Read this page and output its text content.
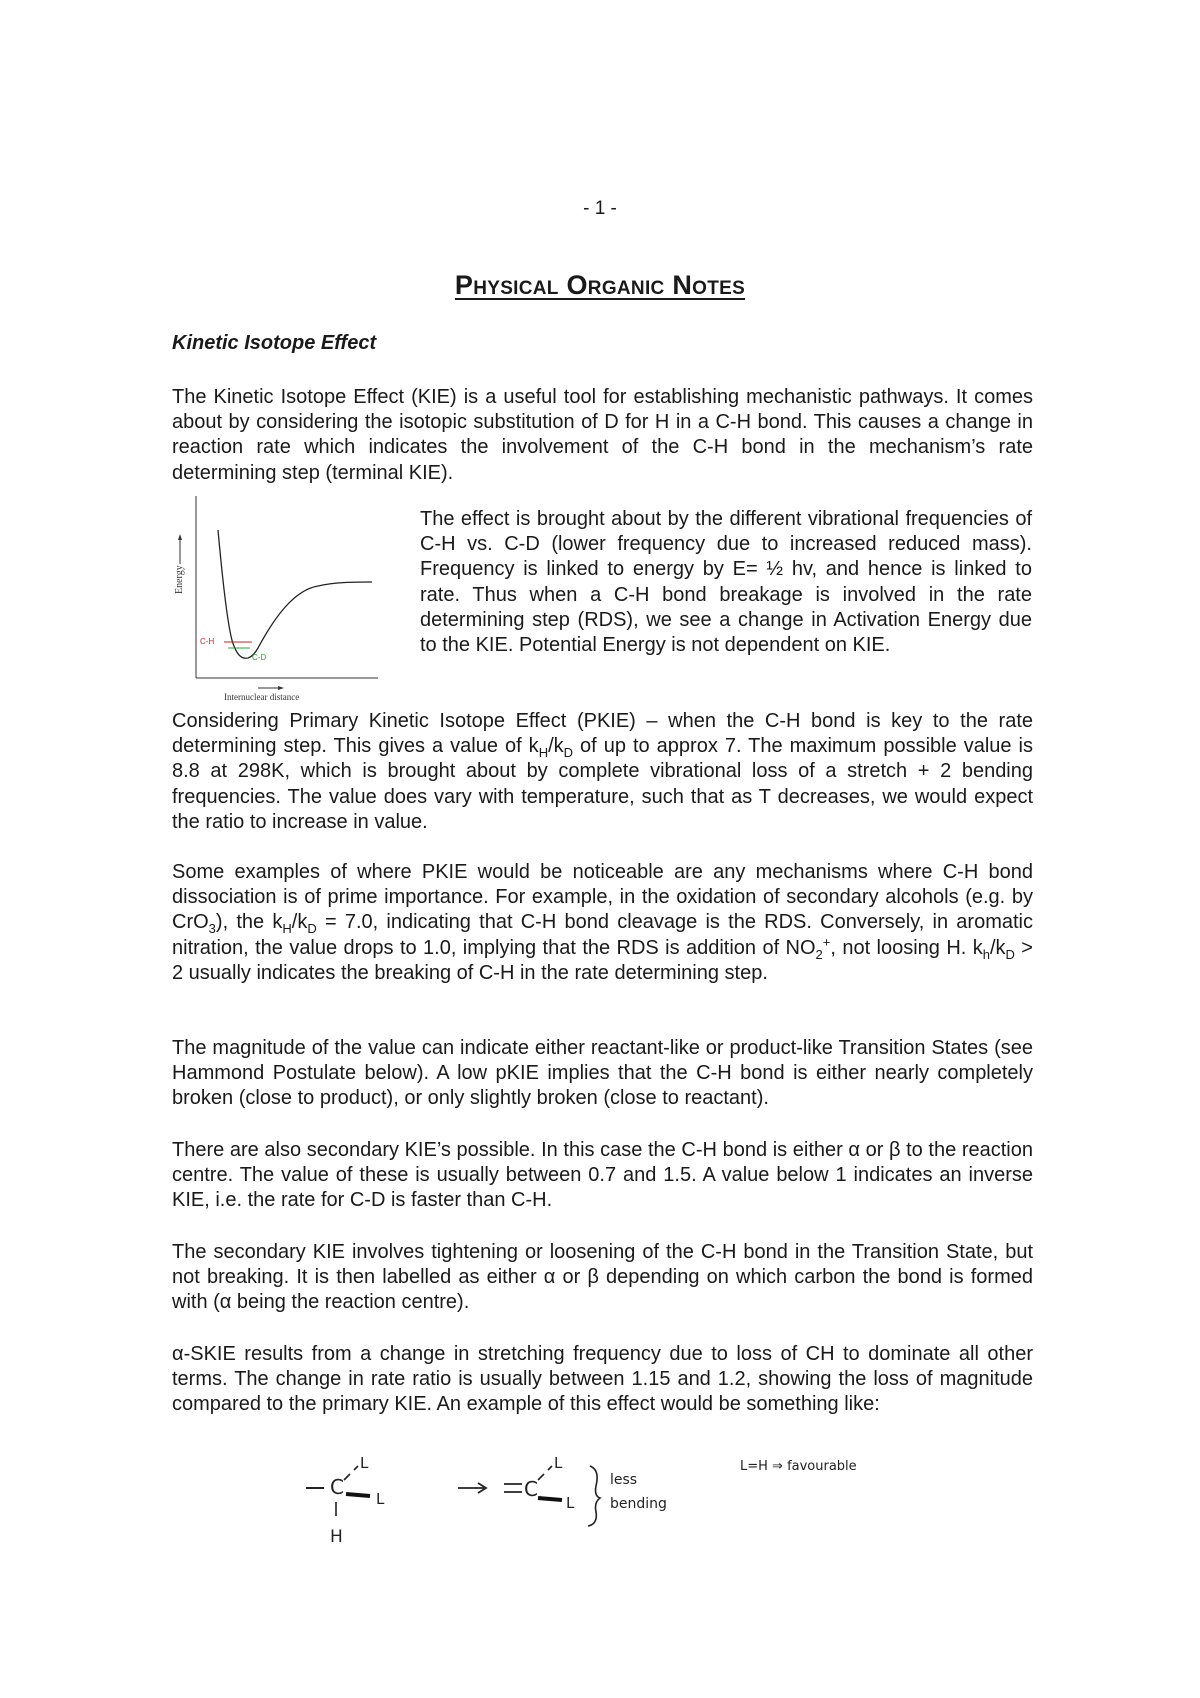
- 1 -
Physical Organic Notes
Kinetic Isotope Effect

The Kinetic Isotope Effect (KIE) is a useful tool for establishing mechanistic pathways. It comes about by considering the isotopic substitution of D for H in a C-H bond. This causes a change in reaction rate which indicates the involvement of the C-H bond in the mechanism’s rate determining step (terminal KIE).

Energy
C-H
C-D
Internuclear distance

The effect is brought about by the different vibrational frequencies of C-H vs. C-D (lower frequency due to increased reduced mass). Frequency is linked to energy by E= ½ hv, and hence is linked to rate. Thus when a C-H bond breakage is involved in the rate determining step (RDS), we see a change in Activation Energy due to the KIE. Potential Energy is not dependent on KIE.

Considering Primary Kinetic Isotope Effect (PKIE) – when the C-H bond is key to the rate determining step. This gives a value of $k_H/k_D$ of up to approx 7. The maximum possible value is 8.8 at 298K, which is brought about by complete vibrational loss of a stretch + 2 bending frequencies. The value does vary with temperature, such that as T decreases, we would expect the ratio to increase in value.

Some examples of where PKIE would be noticeable are any mechanisms where C-H bond dissociation is of prime importance. For example, in the oxidation of secondary alcohols (e.g. by CrO$_3$), the $k_H/k_D = 7.0$, indicating that C-H bond cleavage is the RDS. Conversely, in aromatic nitration, the value drops to 1.0, implying that the RDS is addition of $NO_2^+$, not loosing H. $k_h/k_D > 2$ usually indicates the breaking of C-H in the rate determining step.

The magnitude of the value can indicate either reactant-like or product-like Transition States (see Hammond Postulate below). A low pKIE implies that the C-H bond is either nearly completely broken (close to product), or only slightly broken (close to reactant).

There are also secondary KIE’s possible. In this case the C-H bond is either α or β to the reaction centre. The value of these is usually between 0.7 and 1.5. A value below 1 indicates an inverse KIE, i.e. the rate for C-D is faster than C-H.

The secondary KIE involves tightening or loosening of the C-H bond in the Transition State, but not breaking. It is then labelled as either α or β depending on which carbon the bond is formed with (α being the reaction centre).

α-SKIE results from a change in stretching frequency due to loss of CH to dominate all other terms. The change in rate ratio is usually between 1.15 and 1.2, showing the loss of magnitude compared to the primary KIE. An example of this effect would be something like:

C
L
L
H
C
L
L
less
bending
L=H ⇒ favourable
